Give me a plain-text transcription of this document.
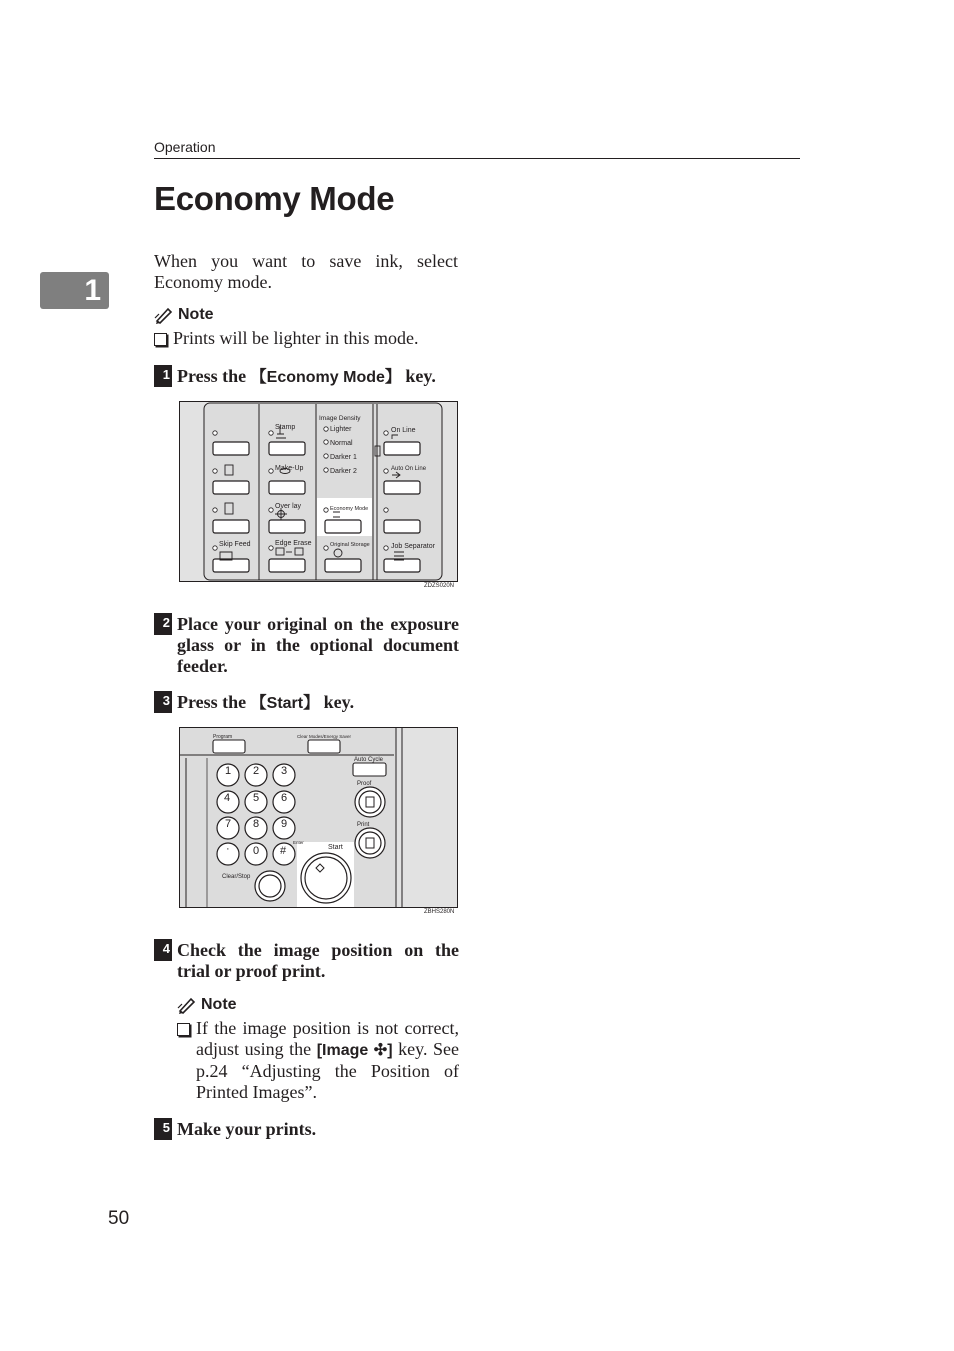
Operation
1
Economy Mode
When you want to save ink, select Economy mode.
Note
Prints will be lighter in this mode.
1 Press the 【Economy Mode】 key.
Stamp
Make-Up
Over lay
Edge Erase
Skip Feed
Image Density
Lighter
Normal
Darker 1
Darker 2
Economy Mode
Original Storage
On Line
Auto On Line
Job Separator
ZDZS020N
2 Place your original on the exposure glass or in the optional document feeder.
3 Press the 【Start】 key.
1 2 3
4 5 6
7 8 9
· 0 #
Program	Clear Modes/Energy Saver
Auto Cycle
Proof
Print
Start
Clear/Stop
Enter
ZBHS280N
4 Check the image position on the trial or proof print.
Note
If the image position is not correct, adjust using the [Image ✣] key. See p.24 “Adjusting the Position of Printed Images”.
5 Make your prints.
50
